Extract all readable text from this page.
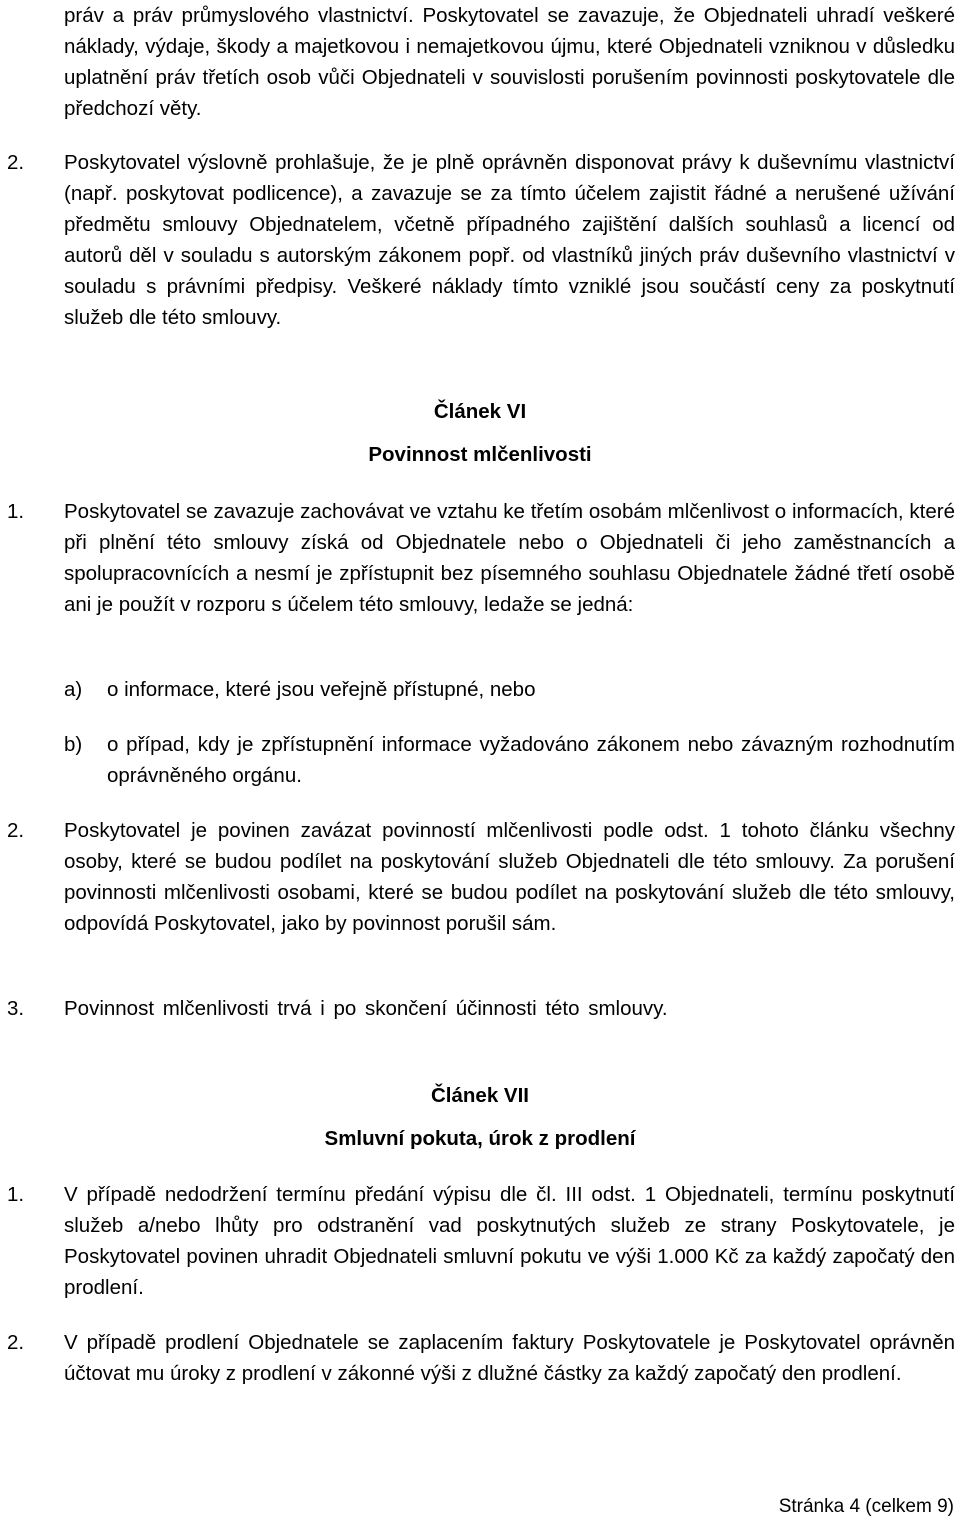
práv a práv průmyslového vlastnictví. Poskytovatel se zavazuje, že Objednateli uhradí veškeré náklady, výdaje, škody a majetkovou i nemajetkovou újmu, které Objednateli vzniknou v důsledku uplatnění práv třetích osob vůči Objednateli v souvislosti porušením povinnosti poskytovatele dle předchozí věty.

2. Poskytovatel výslovně prohlašuje, že je plně oprávněn disponovat právy k duševnímu vlastnictví (např. poskytovat podlicence), a zavazuje se za tímto účelem zajistit řádné a nerušené užívání předmětu smlouvy Objednatelem, včetně případného zajištění dalších souhlasů a licencí od autorů děl v souladu s autorským zákonem popř. od vlastníků jiných práv duševního vlastnictví v souladu s právními předpisy. Veškeré náklady tímto vzniklé jsou součástí ceny za poskytnutí služeb dle této smlouvy.

Článek VI
Povinnost mlčenlivosti

1. Poskytovatel se zavazuje zachovávat ve vztahu ke třetím osobám mlčenlivost o informacích, které při plnění této smlouvy získá od Objednatele nebo o Objednateli či jeho zaměstnancích a spolupracovnících a nesmí je zpřístupnit bez písemného souhlasu Objednatele žádné třetí osobě ani je použít v rozporu s účelem této smlouvy, ledaže se jedná:

a) o informace, které jsou veřejně přístupné, nebo

b) o případ, kdy je zpřístupnění informace vyžadováno zákonem nebo závazným rozhodnutím oprávněného orgánu.

2. Poskytovatel je povinen zavázat povinností mlčenlivosti podle odst. 1 tohoto článku všechny osoby, které se budou podílet na poskytování služeb Objednateli dle této smlouvy. Za porušení povinnosti mlčenlivosti osobami, které se budou podílet na poskytování služeb dle této smlouvy, odpovídá Poskytovatel, jako by povinnost porušil sám.

3. Povinnost mlčenlivosti trvá i po skončení účinnosti této smlouvy.

Článek VII
Smluvní pokuta, úrok z prodlení

1. V případě nedodržení termínu předání výpisu dle čl. III odst. 1 Objednateli, termínu poskytnutí služeb a/nebo lhůty pro odstranění vad poskytnutých služeb ze strany Poskytovatele, je Poskytovatel povinen uhradit Objednateli smluvní pokutu ve výši 1.000 Kč za každý započatý den prodlení.

2. V případě prodlení Objednatele se zaplacením faktury Poskytovatele je Poskytovatel oprávněn účtovat mu úroky z prodlení v zákonné výši z dlužné částky za každý započatý den prodlení.

Stránka 4 (celkem 9)
